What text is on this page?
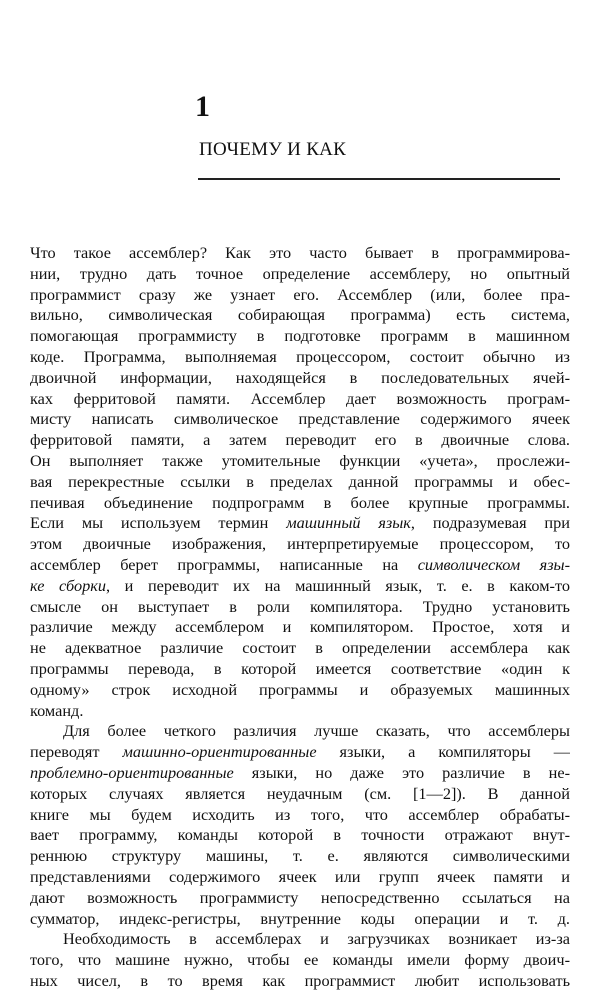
1
ПОЧЕМУ И КАК
Что такое ассемблер? Как это часто бывает в программирова-
нии, трудно дать точное определение ассемблеру, но опытный
программист сразу же узнает его. Ассемблер (или, более пра-
вильно, символическая собирающая программа) есть система,
помогающая программисту в подготовке программ в машинном
коде. Программа, выполняемая процессором, состоит обычно из
двоичной информации, находящейся в последовательных ячей-
ках ферритовой памяти. Ассемблер дает возможность програм-
мисту написать символическое представление содержимого ячеек
ферритовой памяти, а затем переводит его в двоичные слова.
Он выполняет также утомительные функции «учета», прослежи-
вая перекрестные ссылки в пределах данной программы и обес-
печивая объединение подпрограмм в более крупные программы.
Если мы используем термин машинный язык, подразумевая при
этом двоичные изображения, интерпретируемые процессором, то
ассемблер берет программы, написанные на символическом язы-
ке сборки, и переводит их на машинный язык, т. е. в каком-то
смысле он выступает в роли компилятора. Трудно установить
различие между ассемблером и компилятором. Простое, хотя и
не адекватное различие состоит в определении ассемблера как
программы перевода, в которой имеется соответствие «один к
одному» строк исходной программы и образуемых машинных
команд.
Для более четкого различия лучше сказать, что ассемблеры
переводят машинно-ориентированные языки, а компиляторы —
проблемно-ориентированные языки, но даже это различие в не-
которых случаях является неудачным (см. [1—2]). В данной
книге мы будем исходить из того, что ассемблер обрабаты-
вает программу, команды которой в точности отражают внут-
реннюю структуру машины, т. е. являются символическими
представлениями содержимого ячеек или групп ячеек памяти и
дают возможность программисту непосредственно ссылаться на
сумматор, индекс-регистры, внутренние коды операции и т. д.
Необходимость в ассемблерах и загрузчиках возникает из-за
того, что машине нужно, чтобы ее команды имели форму двоич-
ных чисел, в то время как программист любит использовать
